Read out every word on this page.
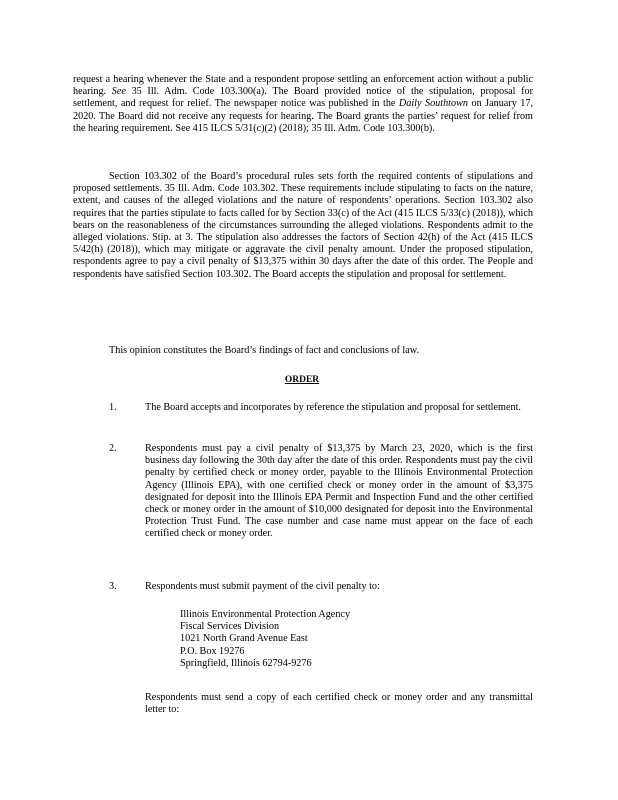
request a hearing whenever the State and a respondent propose settling an enforcement action without a public hearing. See 35 Ill. Adm. Code 103.300(a). The Board provided notice of the stipulation, proposal for settlement, and request for relief. The newspaper notice was published in the Daily Southtown on January 17, 2020. The Board did not receive any requests for hearing. The Board grants the parties’ request for relief from the hearing requirement. See 415 ILCS 5/31(c)(2) (2018); 35 Ill. Adm. Code 103.300(b).

Section 103.302 of the Board’s procedural rules sets forth the required contents of stipulations and proposed settlements. 35 Ill. Adm. Code 103.302. These requirements include stipulating to facts on the nature, extent, and causes of the alleged violations and the nature of respondents’ operations. Section 103.302 also requires that the parties stipulate to facts called for by Section 33(c) of the Act (415 ILCS 5/33(c) (2018)), which bears on the reasonableness of the circumstances surrounding the alleged violations. Respondents admit to the alleged violations. Stip. at 3. The stipulation also addresses the factors of Section 42(h) of the Act (415 ILCS 5/42(h) (2018)), which may mitigate or aggravate the civil penalty amount. Under the proposed stipulation, respondents agree to pay a civil penalty of $13,375 within 30 days after the date of this order. The People and respondents have satisfied Section 103.302. The Board accepts the stipulation and proposal for settlement.

This opinion constitutes the Board’s findings of fact and conclusions of law.

ORDER
1.	The Board accepts and incorporates by reference the stipulation and proposal for settlement.
2.	Respondents must pay a civil penalty of $13,375 by March 23, 2020, which is the first business day following the 30th day after the date of this order. Respondents must pay the civil penalty by certified check or money order, payable to the Illinois Environmental Protection Agency (Illinois EPA), with one certified check or money order in the amount of $3,375 designated for deposit into the Illinois EPA Permit and Inspection Fund and the other certified check or money order in the amount of $10,000 designated for deposit into the Environmental Protection Trust Fund. The case number and case name must appear on the face of each certified check or money order.
3.	Respondents must submit payment of the civil penalty to:
Illinois Environmental Protection Agency
Fiscal Services Division
1021 North Grand Avenue East
P.O. Box 19276
Springfield, Illinois 62794-9276
Respondents must send a copy of each certified check or money order and any transmittal letter to:
